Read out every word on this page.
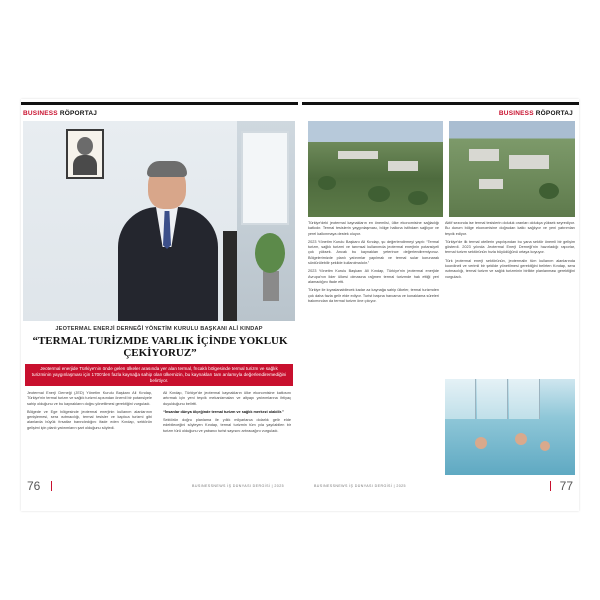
BUSINESS RÖPORTAJ
JEOTERMAL ENERJİ DERNEĞİ YÖNETİM KURULU BAŞKANI ALİ KINDAP
“TERMAL TURİZMDE VARLIK İÇİNDE YOKLUK ÇEKİYORUZ”
Jeotermal enerjide Türkiye'nin önde gelen ülkeler arasında yer alan termal, frıcaklı bölgesinde termal turizm ve sağlık turizminin yaygınlaşması için 1700'den fazla kaynağa sahip olan ülkemizin, bu kaynakları tam anlamıyla değerlendiremediğini belirtiyor.

Jeotermal Enerji Derneği (JED) Yönetim Kurulu Başkanı Ali Kındap, Türkiye'nin termal turizm ve sağlık turizmi açısından önemli bir potansiyele sahip olduğunu ve bu kaynakların doğru yönetilmesi gerektiğini vurguladı.

Bölgede ve Ege bölgesinde jeotermal enerjinin kullanım alanlarının genişlemesi, sera ısıtmacılığı, termal tesisler ve kaplıca turizmi gibi alanlarda büyük fırsatlar barındırdığını ifade eden Kındap, sektörün gelişimi için planlı yatırımların şart olduğunu söyledi.

Ali Kındap, Türkiye'de jeotermal kaynakların ülke ekonomisine katkısını artırmak için yeni teşvik mekanizmaları ve altyapı yatırımlarına ihtiyaç duyulduğunu belirtti.

“İnsanlar dünya ölçeğinde termal turizm ve sağlık merkezi olabilir.”

Sektörün doğru planlama ile yıllık milyarlarca dolarlık gelir elde edebileceğini söyleyen Kındap, termal turizmin tüm yıla yayılabilen bir turizm türü olduğunu ve yabancı turist sayısını artıracağını vurguladı.

76	BUSINESSNEWS İŞ DÜNYASI DERGİSİ | 2025
BUSINESS RÖPORTAJ

Türkiye'deki jeotermal kaynakların en önemlisi, ülke ekonomisine sağladığı katkıdır. Termal tesislerin yaygınlaşması, bölge halkına istihdam sağlıyor ve yerel kalkınmaya destek oluyor.

2023 Yönetim Kurulu Başkanı Ali Kındap, şu değerlendirmeyi yaptı: “Termal turizm, sağlık turizmi ve tarımsal kullanımda jeotermal enerjinin potansiyeli çok yüksek. Ancak bu kaynakları yeterince değerlendiremiyoruz. Bölgelerimizde planlı yatırımlar yapılmalı ve termal sular korunarak sürdürülebilir şekilde kullanılmalıdır.”

2023 Yönetim Kurulu Başkanı Ali Kındap, Türkiye'nin jeotermal enerjide Avrupa'nın lider ülkesi olmasına rağmen termal turizmde hak ettiği yeri alamadığını ifade etti.

Türkiye ile kıyaslanabilecek kadar az kaynağa sahip ülkeler, termal turizmden çok daha fazla gelir elde ediyor. Turist başına harcama ve konaklama süreleri bakımından da termal turizm öne çıkıyor.

Aktif sezonda ise termal tesislerin doluluk oranları oldukça yüksek seyrediyor. Bu durum bölge ekonomisine doğrudan katkı sağlıyor ve yeni yatırımları teşvik ediyor.

Türkiye'de ilk termal otellerin yapılışından bu yana sektör önemli bir gelişim gösterdi. 2023 yılında Jeotermal Enerji Derneği'nin hazırladığı raporlar, termal turizm sektörünün hızla büyüdüğünü ortaya koyuyor.

Türk jeotermal enerji sektörünün, jeotermalin tüm kullanım alanlarında koordineli ve verimli bir şekilde yönetilmesi gerektiğini belirten Kındap, sera ısıtmacılığı, termal turizm ve sağlık turizminin birlikte planlanması gerektiğini vurguladı.

BUSINESSNEWS İŞ DÜNYASI DERGİSİ | 2025	77
